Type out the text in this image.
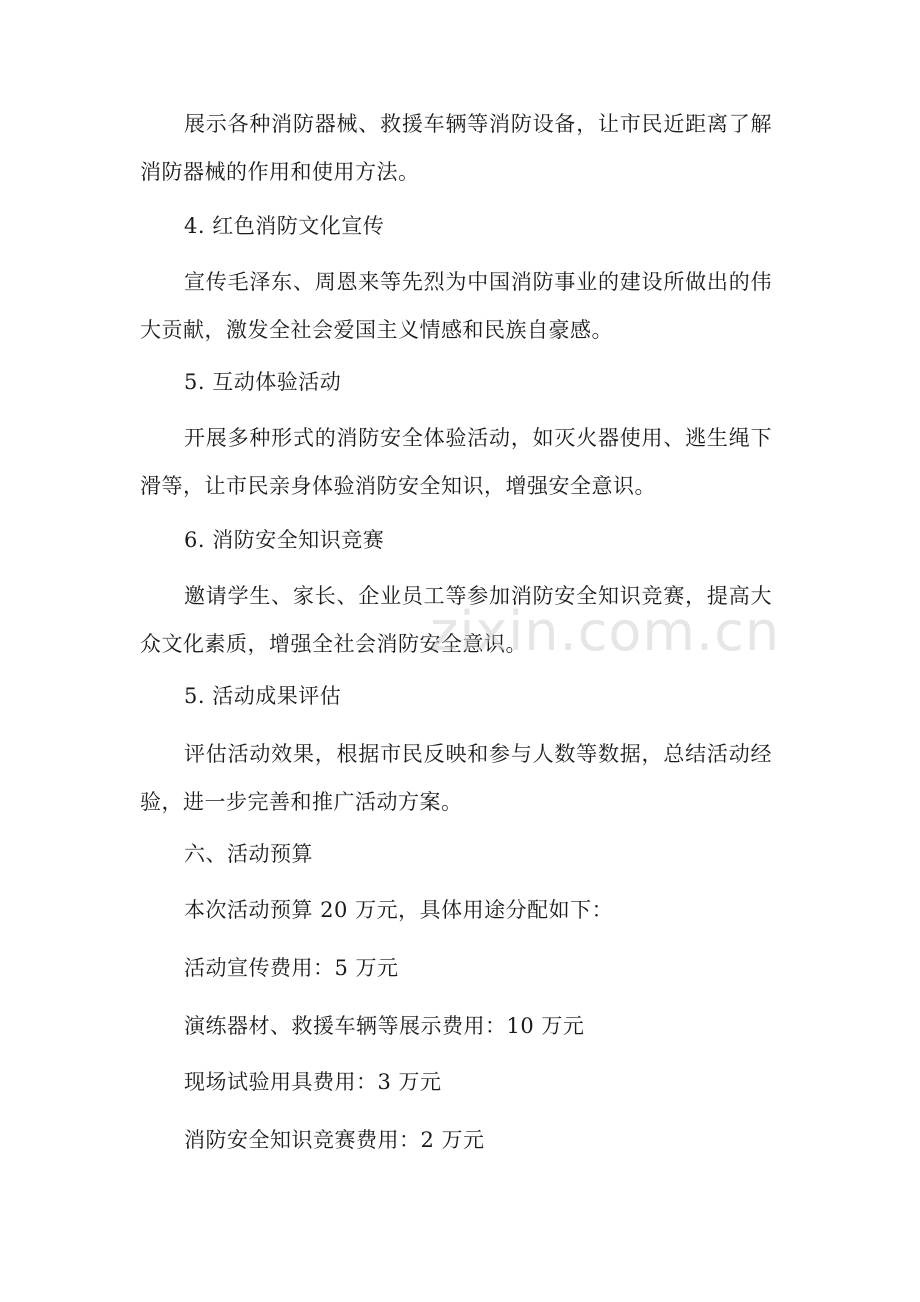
展示各种消防器械、救援车辆等消防设备，让市民近距离了解消防器械的作用和使用方法。

4. 红色消防文化宣传

宣传毛泽东、周恩来等先烈为中国消防事业的建设所做出的伟大贡献，激发全社会爱国主义情感和民族自豪感。

5. 互动体验活动

开展多种形式的消防安全体验活动，如灭火器使用、逃生绳下滑等，让市民亲身体验消防安全知识，增强安全意识。

6. 消防安全知识竞赛

邀请学生、家长、企业员工等参加消防安全知识竞赛，提高大众文化素质，增强全社会消防安全意识。

5. 活动成果评估

评估活动效果，根据市民反映和参与人数等数据，总结活动经验，进一步完善和推广活动方案。

六、活动预算

本次活动预算 20 万元，具体用途分配如下：

活动宣传费用：5 万元

演练器材、救援车辆等展示费用：10 万元

现场试验用具费用：3 万元

消防安全知识竞赛费用：2 万元

zixin.com.cn
